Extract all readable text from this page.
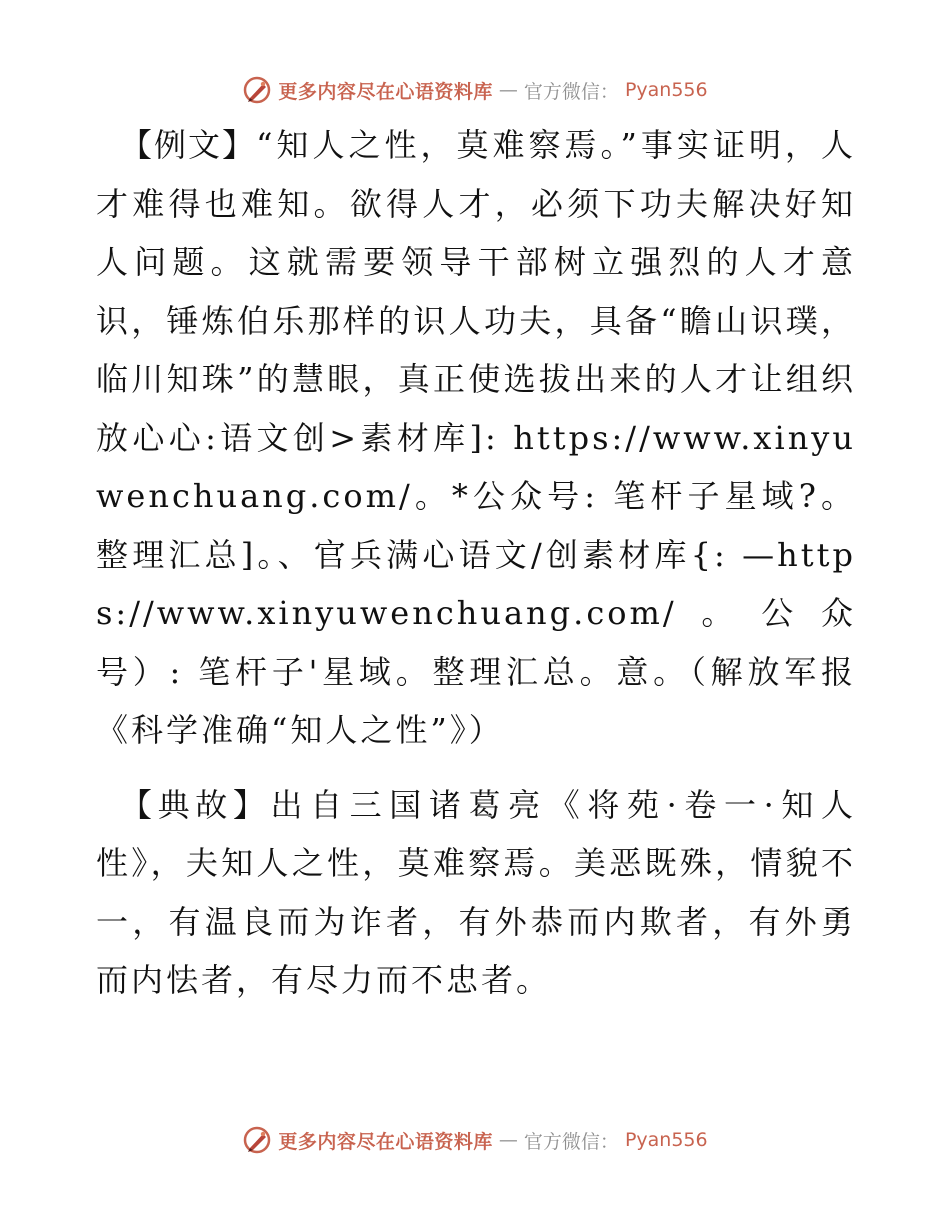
更多内容尽在心语资料库 — 官方微信： Pyan556

【例文】“知人之性，莫难察焉。”事实证明，人才难得也难知。欲得人才，必须下功夫解决好知人问题。这就需要领导干部树立强烈的人才意识，锤炼伯乐那样的识人功夫，具备“瞻山识璞，临川知珠”的慧眼，真正使选拔出来的人才让组织放心心:语文创>素材库]: https://www.xinyuwenchuang.com/。*公众号: 笔杆子星域?。整理汇总]。、官兵满心语文/创素材库{: —https://www.xinyuwenchuang.com/。公众号）: 笔杆子'星域。整理汇总。意。（解放军报《科学准确“知人之性”》）

【典故】出自三国诸葛亮《将苑·卷一·知人性》，夫知人之性，莫难察焉。美恶既殊，情貌不一，有温良而为诈者，有外恭而内欺者，有外勇而内怯者，有尽力而不忠者。

更多内容尽在心语资料库 — 官方微信： Pyan556
